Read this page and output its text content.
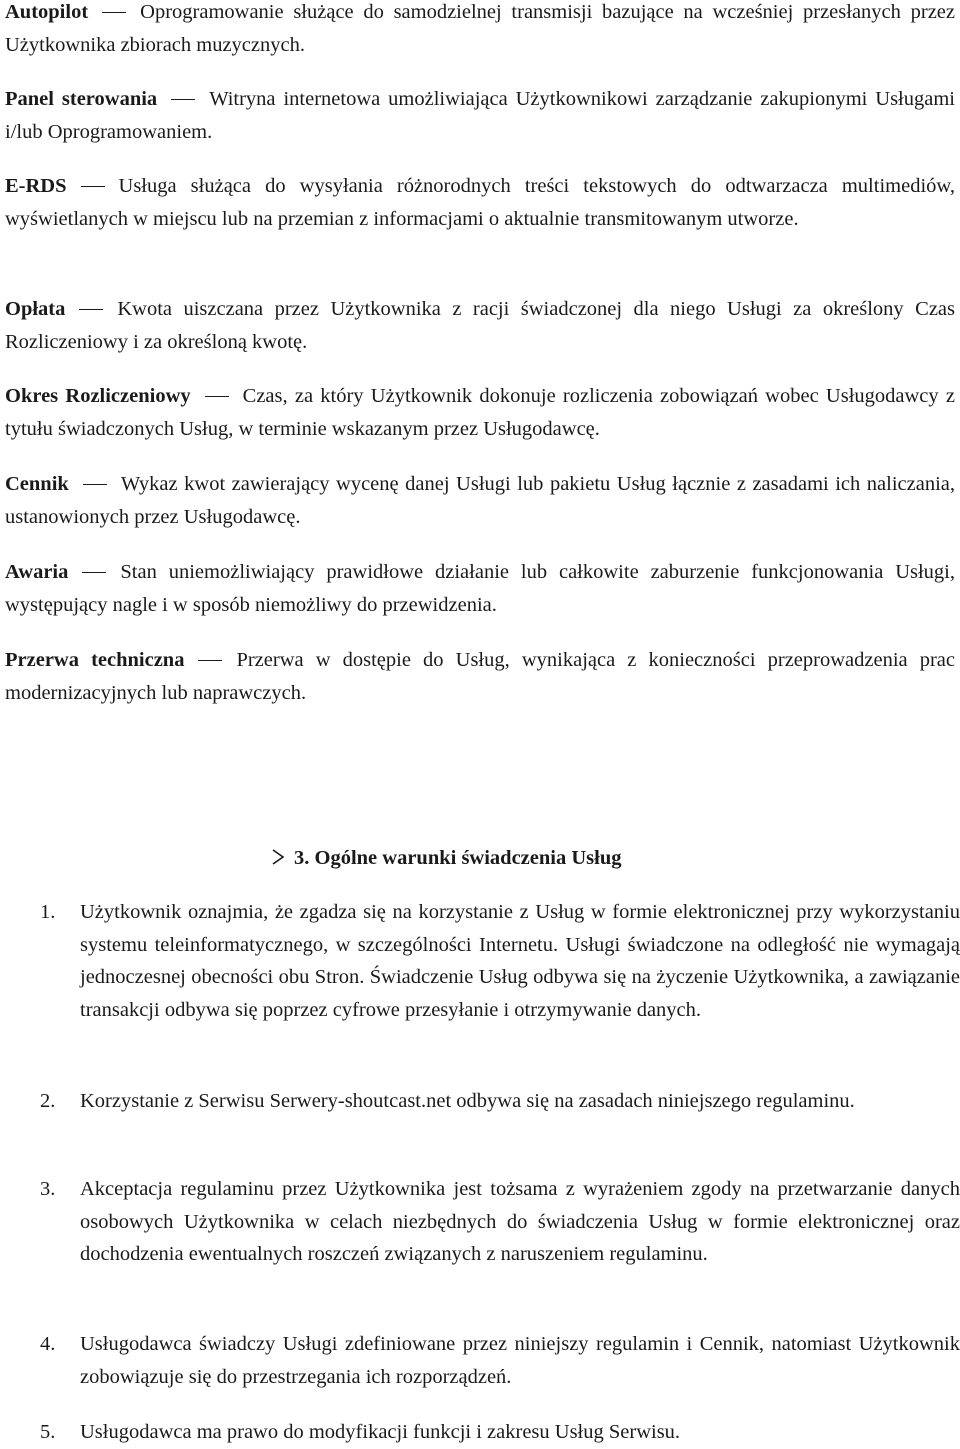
Autopilot	Oprogramowanie służące do samodzielnej transmisji bazujące na wcześniej przesłanych przez Użytkownika zbiorach muzycznych.

Panel sterowania	Witryna internetowa umożliwiająca Użytkownikowi zarządzanie zakupionymi Usługami i/lub Oprogramowaniem.

E-RDS	Usługa służąca do wysyłania różnorodnych treści tekstowych do odtwarzacza multimediów, wyświetlanych w miejscu lub na przemian z informacjami o aktualnie transmitowanym utworze.

Opłata	Kwota uiszczana przez Użytkownika z racji świadczonej dla niego Usługi za określony Czas Rozliczeniowy i za określoną kwotę.

Okres Rozliczeniowy	Czas, za który Użytkownik dokonuje rozliczenia zobowiązań wobec Usługodawcy z tytułu świadczonych Usług, w terminie wskazanym przez Usługodawcę.

Cennik	Wykaz kwot zawierający wycenę danej Usługi lub pakietu Usług łącznie z zasadami ich naliczania, ustanowionych przez Usługodawcę.

Awaria	Stan uniemożliwiający prawidłowe działanie lub całkowite zaburzenie funkcjonowania Usługi, występujący nagle i w sposób niemożliwy do przewidzenia.

Przerwa techniczna	Przerwa w dostępie do Usług, wynikająca z konieczności przeprowadzenia prac modernizacyjnych lub naprawczych.

3. Ogólne warunki świadczenia Usług
1.	Użytkownik oznajmia, że zgadza się na korzystanie z Usług w formie elektronicznej przy wykorzystaniu systemu teleinformatycznego, w szczególności Internetu. Usługi świadczone na odległość nie wymagają jednoczesnej obecności obu Stron. Świadczenie Usług odbywa się na życzenie Użytkownika, a zawiązanie transakcji odbywa się poprzez cyfrowe przesyłanie i otrzymywanie danych.
2.	Korzystanie z Serwisu Serwery-shoutcast.net odbywa się na zasadach niniejszego regulaminu.
3.	Akceptacja regulaminu przez Użytkownika jest tożsama z wyrażeniem zgody na przetwarzanie danych osobowych Użytkownika w celach niezbędnych do świadczenia Usług w formie elektronicznej oraz dochodzenia ewentualnych roszczeń związanych z naruszeniem regulaminu.
4.	Usługodawca świadczy Usługi zdefiniowane przez niniejszy regulamin i Cennik, natomiast Użytkownik zobowiązuje się do przestrzegania ich rozporządzeń.
5.	Usługodawca ma prawo do modyfikacji funkcji i zakresu Usług Serwisu.
